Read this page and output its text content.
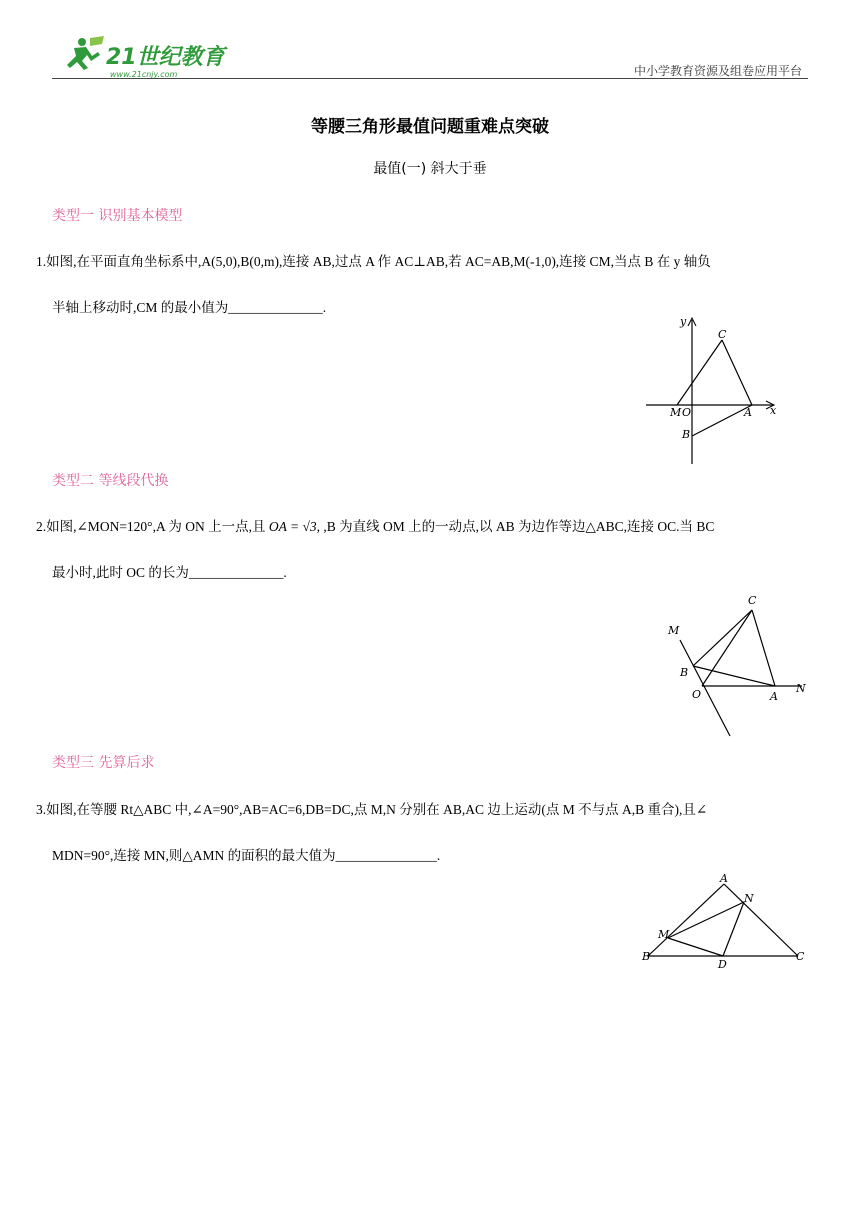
21世纪教育
www.21cnjy.com	中小学教育资源及组卷应用平台
等腰三角形最值问题重难点突破
最值(一) 斜大于垂
类型一 识别基本模型
1.如图,在平面直角坐标系中,A(5,0),B(0,m),连接 AB,过点 A 作 AC⊥AB,若 AC=AB,M(-1,0),连接 CM,当点 B 在 y 轴负
半轴上移动时,CM 的最小值为______________.
y
C
M O	A x
B
类型二 等线段代换
2.如图,∠MON=120°,A 为 ON 上一点,且 OA = √3, ,B 为直线 OM 上的一动点,以 AB 为边作等边△ABC,连接 OC.当 BC
最小时,此时 OC 的长为______________.
C
M
B
O	A
N
类型三 先算后求
3.如图,在等腰 Rt△ABC 中,∠A=90°,AB=AC=6,DB=DC,点 M,N 分别在 AB,AC 边上运动(点 M 不与点 A,B 重合),且∠
MDN=90°,连接 MN,则△AMN 的面积的最大值为_______________.
A
N
M
B
D
C
